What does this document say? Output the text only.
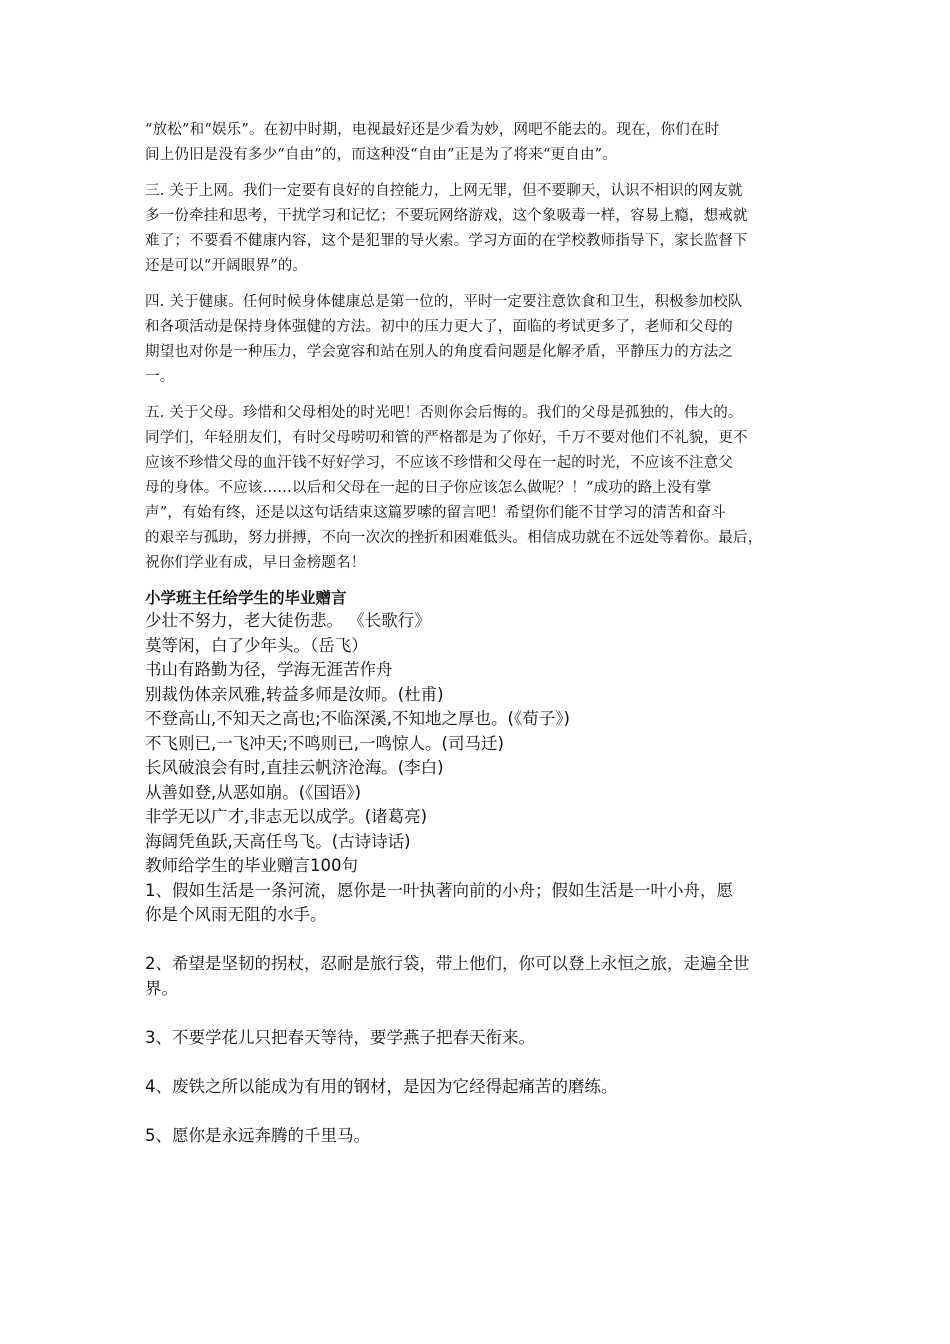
“放松”和“娱乐”。在初中时期，电视最好还是少看为妙，网吧不能去的。现在，你们在时
间上仍旧是没有多少“自由”的，而这种没“自由”正是为了将来“更自由”。
三. 关于上网。我们一定要有良好的自控能力，上网无罪，但不要聊天，认识不相识的网友就
多一份牵挂和思考，干扰学习和记忆；不要玩网络游戏，这个象吸毒一样，容易上瘾，想戒就
难了；不要看不健康内容，这个是犯罪的导火索。学习方面的在学校教师指导下，家长监督下
还是可以“开阔眼界”的。
四. 关于健康。任何时候身体健康总是第一位的，平时一定要注意饮食和卫生，积极参加校队
和各项活动是保持身体强健的方法。初中的压力更大了，面临的考试更多了，老师和父母的
期望也对你是一种压力，学会宽容和站在别人的角度看问题是化解矛盾，平静压力的方法之
一。
五. 关于父母。珍惜和父母相处的时光吧！否则你会后悔的。我们的父母是孤独的，伟大的。
同学们，年轻朋友们，有时父母唠叨和管的严格都是为了你好，千万不要对他们不礼貌，更不
应该不珍惜父母的血汗钱不好好学习，不应该不珍惜和父母在一起的时光，不应该不注意父
母的身体。不应该……以后和父母在一起的日子你应该怎么做呢？！“成功的路上没有掌
声”，有始有终，还是以这句话结束这篇罗嗦的留言吧！希望你们能不甘学习的清苦和奋斗
的艰辛与孤助，努力拼搏，不向一次次的挫折和困难低头。相信成功就在不远处等着你。最后，
祝你们学业有成，早日金榜题名！
小学班主任给学生的毕业赠言
少壮不努力，老大徒伤悲。 《长歌行》
莫等闲，白了少年头。（岳飞）
书山有路勤为径，学海无涯苦作舟
别裁伪体亲风雅,转益多师是汝师。(杜甫)
不登高山,不知天之高也;不临深溪,不知地之厚也。(《荀子》)
不飞则已,一飞冲天;不鸣则已,一鸣惊人。(司马迁)
长风破浪会有时,直挂云帆济沧海。(李白)
从善如登,从恶如崩。(《国语》)
非学无以广才,非志无以成学。(诸葛亮)
海阔凭鱼跃,天高任鸟飞。(古诗诗话)
教师给学生的毕业赠言100句
1、假如生活是一条河流，愿你是一叶执著向前的小舟；假如生活是一叶小舟，愿
你是个风雨无阻的水手。
2、希望是坚韧的拐杖，忍耐是旅行袋，带上他们，你可以登上永恒之旅，走遍全世
界。
3、不要学花儿只把春天等待，要学燕子把春天衔来。
4、废铁之所以能成为有用的钢材，是因为它经得起痛苦的磨练。
5、愿你是永远奔腾的千里马。
